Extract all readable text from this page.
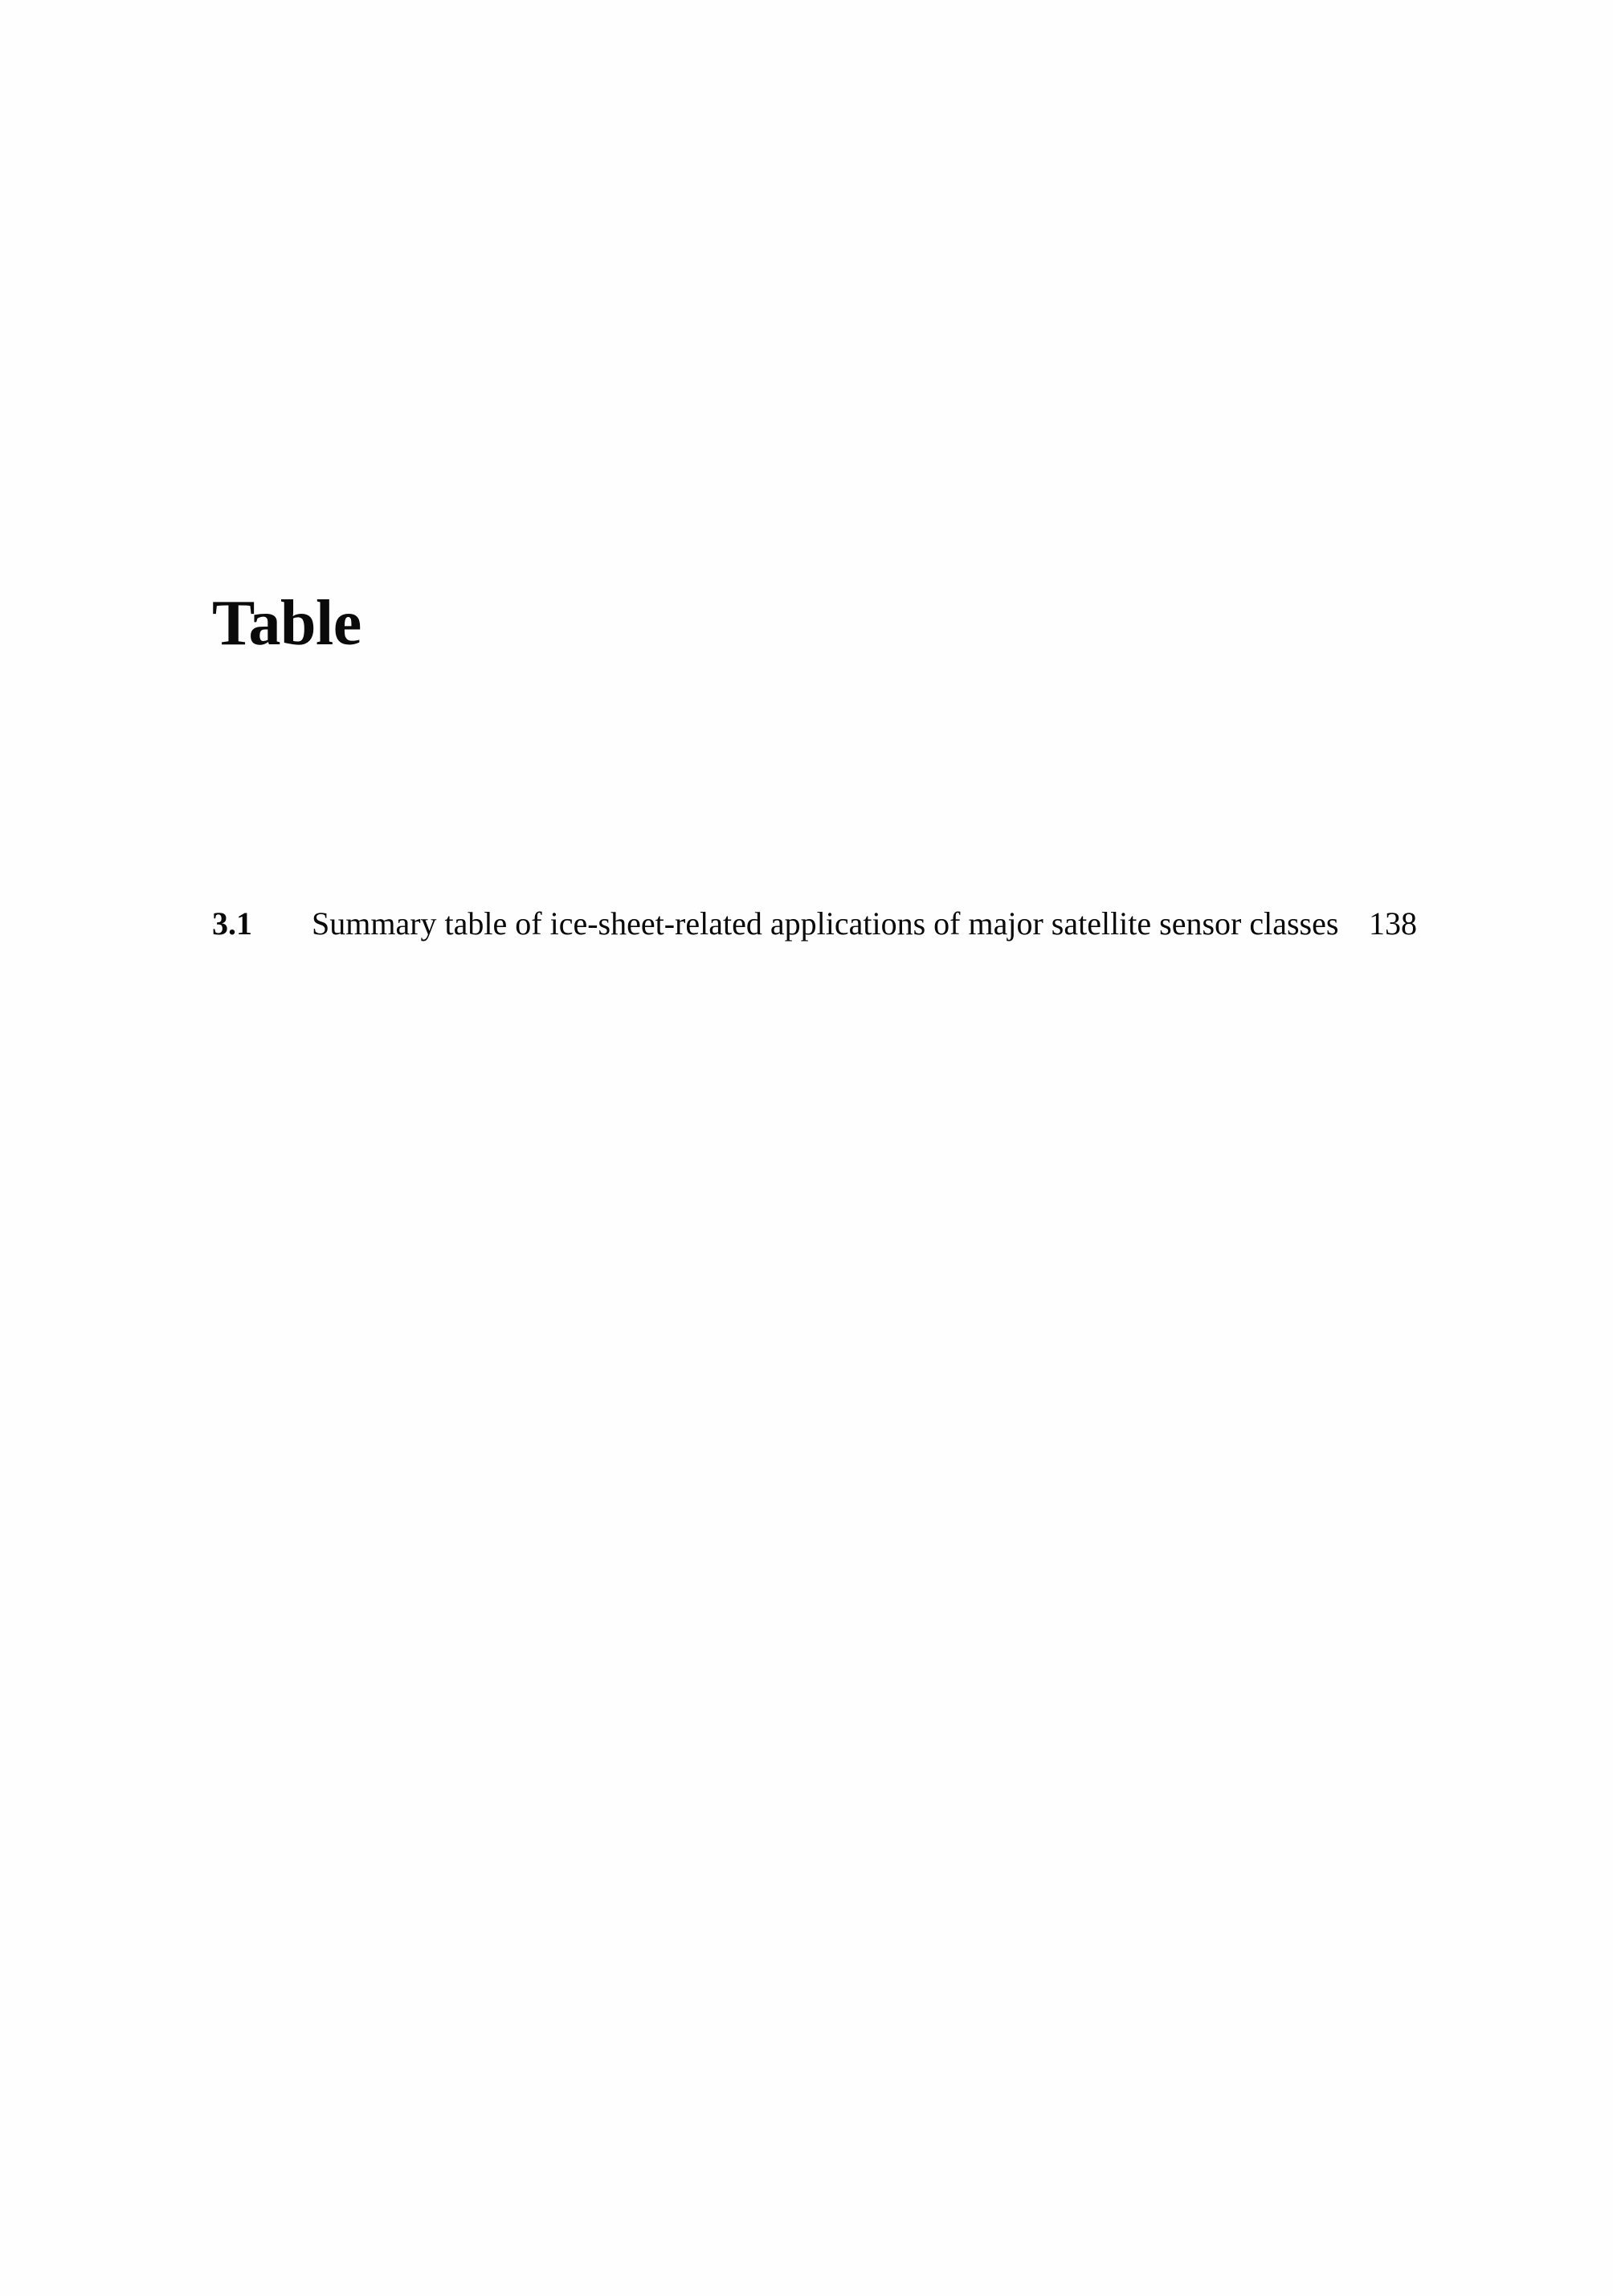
Table
3.1 Summary table of ice-sheet-related applications of major satellite sensor classes 138
